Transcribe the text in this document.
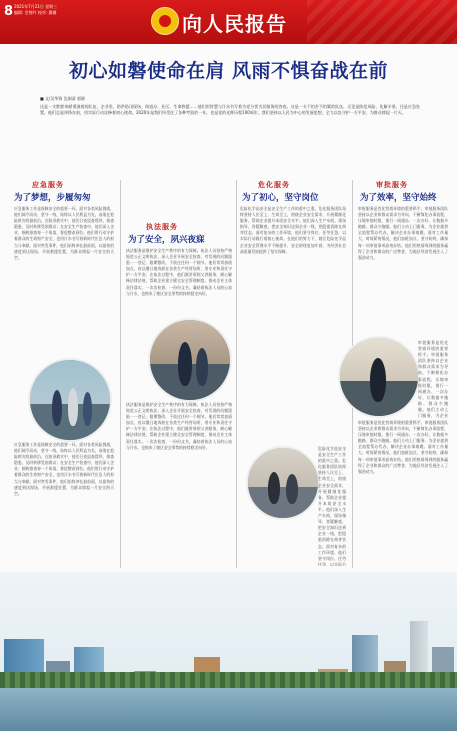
8 2021年7月21日 星期三
编辑: 会签吟 校对: 翼姗	向人民报告
初心如磐使命在肩 风雨不惧奋战在前
■ 文/吴华锋 沈刚清 郭源
这是一支默默奉献勇滋着的队伍，企业里、防洪防汛现场、街道办、社区、生命救援……他们用智慧与汗水书写着为党分忧为民服务的答卷。这是一支不怕苦不怕累的队伍，无论是防范风险、化解矛盾，还是应急处置，他们总是冲锋在前，用实际行动诠释着初心使命。2020年是我们经受住了各种考验的一年，也是党的光辉历程100周年，我们坚持以人民为中心的发展思想，全力以赴守护一方平安，为群众撑起一片天。
应急服务
为了梦想，步履匆匆
应急服务工作是保障安全的重要一环。面对各类风险挑战，他们闻令而动，坚守一线，始终以人民利益为先，奋战在抢险救灾的最前沿。在防汛救灾中，他们日夜巡查堤坝，排查隐患，及时转移受困群众；在安全生产检查中，他们深入企业，细致排查每一个角落，督促整改到位。他们用行动守护着群众的生命财产安全，也用汗水书写着新时代应急人的担当与奉献。面对突发事件，他们始终冲在最前面，以最快的速度到达现场，开展救援处置，为群众撑起一片安全的天空。
应急服务工作是保障安全的重要一环。面对各类风险挑战，他们闻令而动，坚守一线，始终以人民利益为先，奋战在抢险救灾的最前沿。在防汛救灾中，他们日夜巡查堤坝，排查隐患，及时转移受困群众；在安全生产检查中，他们深入企业，细致排查每一个角落，督促整改到位。他们用行动守护着群众的生命财产安全，也用汗水书写着新时代应急人的担当与奉献。面对突发事件，他们始终冲在最前面，以最快的速度到达现场，开展救援处置，为群众撑起一片安全的天空。
执法服务
为了安全，夙兴夜寐
执法服务是维护安全生产秩序的有力保障。执法人员坚持严格规范公正文明执法，深入企业开展安全检查，对发现的问题隐患一一登记、限期整改，不放过任何一个细节。他们常常加班加点，夜以继日地奔波在各类生产经营场所，用专业和责任守护一方平安。在执法过程中，他们既讲原则又讲服务，耐心解释法律法规，帮助企业建立健全安全管理制度，推动企业主体责任落实。一次次检查、一份份文书，凝结着执法人员的心血与汗水，也换来了辖区安全形势的持续稳定向好。
执法服务是维护安全生产秩序的有力保障。执法人员坚持严格规范公正文明执法，深入企业开展安全检查，对发现的问题隐患一一登记、限期整改，不放过任何一个细节。他们常常加班加点，夜以继日地奔波在各类生产经营场所，用专业和责任守护一方平安。在执法过程中，他们既讲原则又讲服务，耐心解释法律法规，帮助企业建立健全安全管理制度，推动企业主体责任落实。一次次检查、一份份文书，凝结着执法人员的心血与汗水，也换来了辖区安全形势的持续稳定向好。
危化服务
为了初心，坚守岗位
危险化学品安全是安全生产工作的重中之重。危化服务团队始终坚持人民至上、生命至上，围绕企业安全需求，开展精细化服务，帮助企业提升本质安全水平。他们深入生产车间，现场指导、答疑解惑，把安全知识送到企业一线，把隐患消除在萌芽状态。面对复杂的工作环境，他们坚守岗位、任劳任怨，以实际行动践行着初心使命。在他们的努力下，辖区危险化学品企业安全管理水平不断提升，安全防线更加牢固，为经济社会高质量发展提供了坚实保障。
危险化学品安全是安全生产工作的重中之重。危化服务团队始终坚持人民至上、生命至上，围绕企业安全需求，开展精细化服务，帮助企业提升本质安全水平。他们深入生产车间，现场指导、答疑解惑，把安全知识送到企业一线，把隐患消除在萌芽状态。面对复杂的工作环境，他们坚守岗位、任劳任怨，以实际行
审批服务
为了效率，坚守始终
审批服务是优化营商环境的重要抓手。审批服务团队坚持以企业和群众需求为导向，不断简化办事流程，压缩审批时限，推行一网通办、一次办好，让数据多跑路、群众少跑腿。他们主动上门服务，为企业提供全流程帮办代办，解决企业办事难题。面对工作量大、时间紧的情况，他们加班加点、坚守始终，确保每一项审批事项高效办结。他们用热情周到的服务赢得了企业和群众的广泛赞誉，为地区经济发展注入了强劲动力。
审批服务是优化营商环境的重要抓手。审批服务团队坚持以企业和群众需求为导向，不断简化办事流程，压缩审批时限，推行一网通办、一次办好，让数据多跑路、群众少跑腿。他们主动上门服务，为企业
审批服务是优化营商环境的重要抓手。审批服务团队坚持以企业和群众需求为导向，不断简化办事流程，压缩审批时限，推行一网通办、一次办好，让数据多跑路、群众少跑腿。他们主动上门服务，为企业提供全流程帮办代办，解决企业办事难题。面对工作量大、时间紧的情况，他们加班加点、坚守始终，确保每一项审批事项高效办结。他们用热情周到的服务赢得了企业和群众的广泛赞誉，为地区经济发展注入了强劲动力。
